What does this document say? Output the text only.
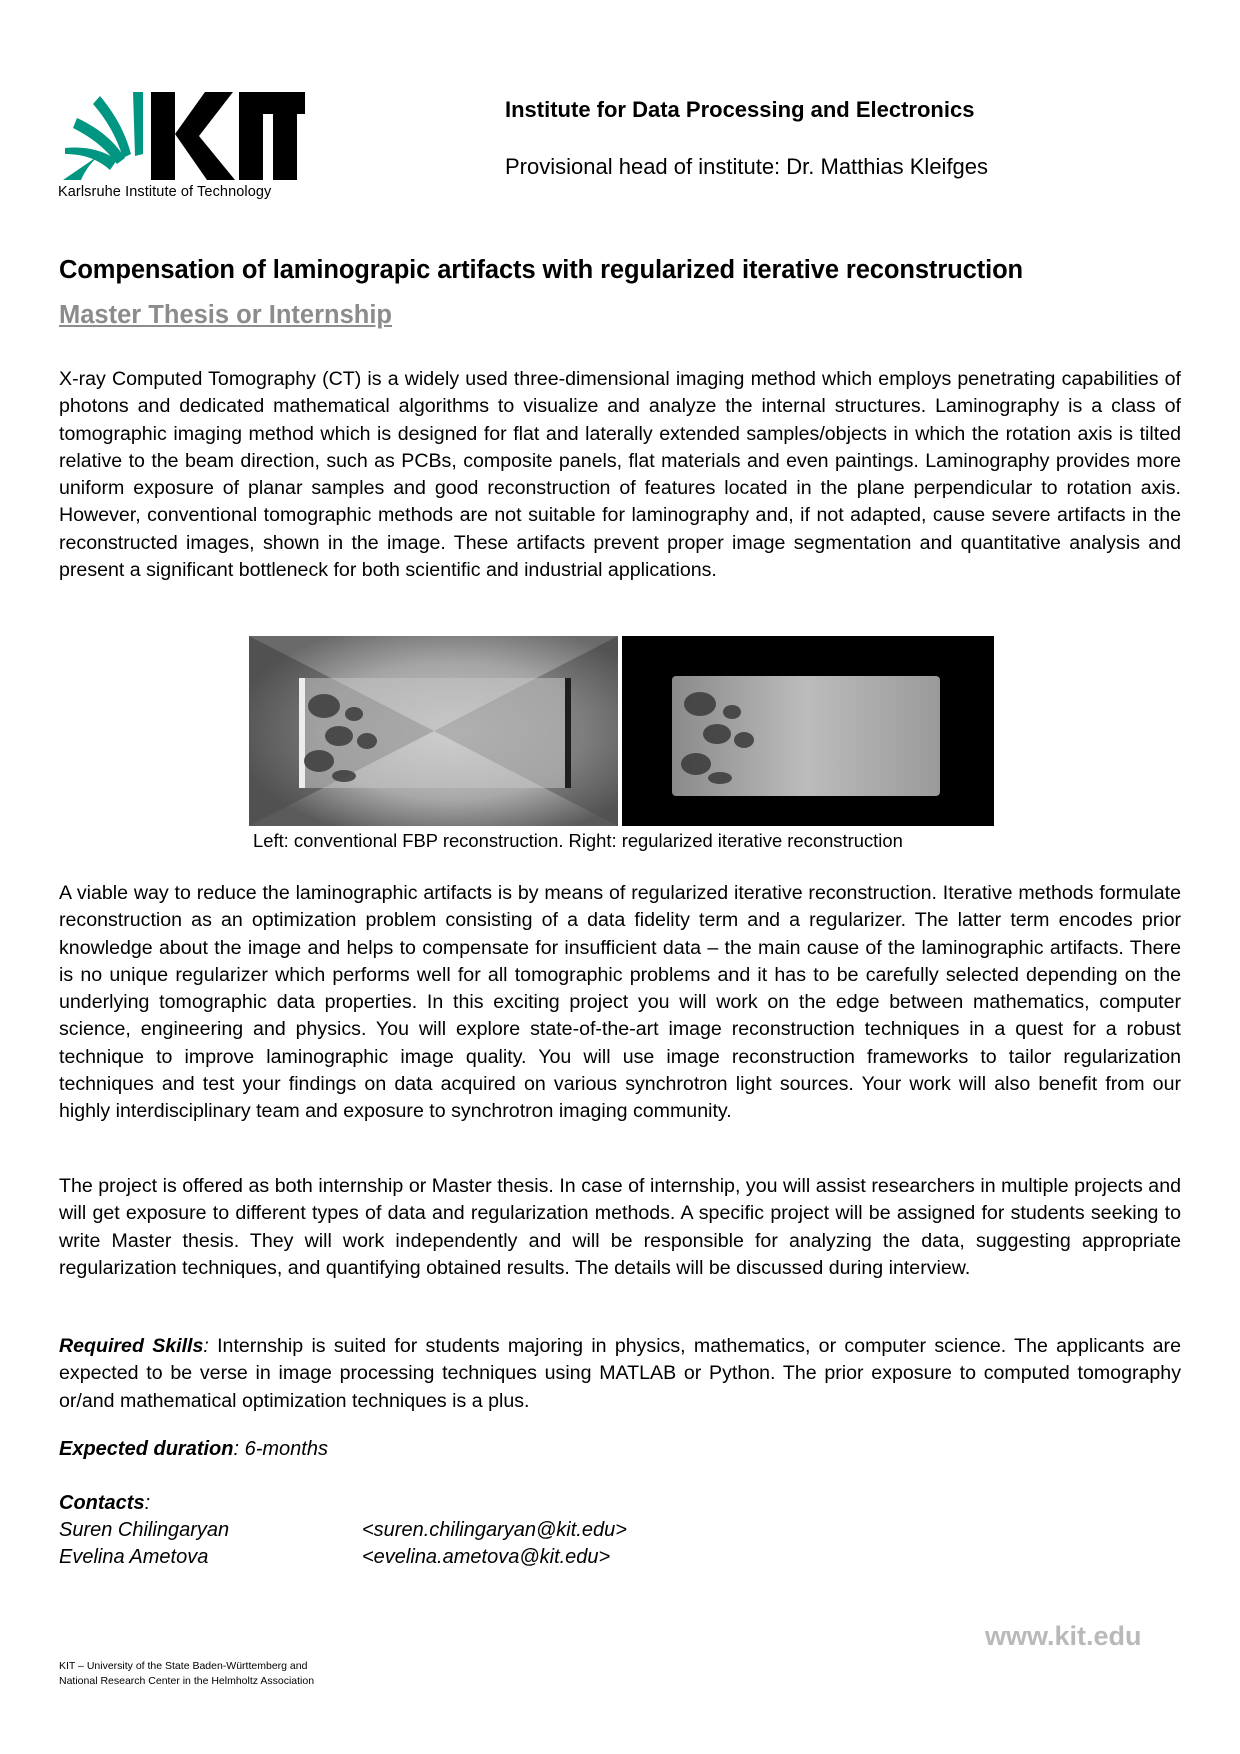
Karlsruhe Institute of Technology
Institute for Data Processing and Electronics
Provisional head of institute: Dr. Matthias Kleifges
Compensation of laminograpic artifacts with regularized iterative reconstruction
Master Thesis or Internship
X-ray Computed Tomography (CT) is a widely used three-dimensional imaging method which employs penetrating capabilities of photons and dedicated mathematical algorithms to visualize and analyze the internal structures. Laminography is a class of tomographic imaging method which is designed for flat and laterally extended samples/objects in which the rotation axis is tilted relative to the beam direction, such as PCBs, composite panels, flat materials and even paintings. Laminography provides more uniform exposure of planar samples and good reconstruction of features located in the plane perpendicular to rotation axis. However, conventional tomographic methods are not suitable for laminography and, if not adapted, cause severe artifacts in the reconstructed images, shown in the image. These artifacts prevent proper image segmentation and quantitative analysis and present a significant bottleneck for both scientific and industrial applications.
Left: conventional FBP reconstruction. Right: regularized iterative reconstruction
A viable way to reduce the laminographic artifacts is by means of regularized iterative reconstruction. Iterative methods formulate reconstruction as an optimization problem consisting of a data fidelity term and a regularizer. The latter term encodes prior knowledge about the image and helps to compensate for insufficient data – the main cause of the laminographic artifacts. There is no unique regularizer which performs well for all tomographic problems and it has to be carefully selected depending on the underlying tomographic data properties. In this exciting project you will work on the edge between mathematics, computer science, engineering and physics. You will explore state-of-the-art image reconstruction techniques in a quest for a robust technique to improve laminographic image quality. You will use image reconstruction frameworks to tailor regularization techniques and test your findings on data acquired on various synchrotron light sources. Your work will also benefit from our highly interdisciplinary team and exposure to synchrotron imaging community.
The project is offered as both internship or Master thesis. In case of internship, you will assist researchers in multiple projects and will get exposure to different types of data and regularization methods. A specific project will be assigned for students seeking to write Master thesis. They will work independently and will be responsible for analyzing the data, suggesting appropriate regularization techniques, and quantifying obtained results. The details will be discussed during interview.
Required Skills: Internship is suited for students majoring in physics, mathematics, or computer science. The applicants are expected to be verse in image processing techniques using MATLAB or Python. The prior exposure to computed tomography or/and mathematical optimization techniques is a plus.
Expected duration: 6-months
Contacts:
Suren Chilingaryan	<suren.chilingaryan@kit.edu>
Evelina Ametova	<evelina.ametova@kit.edu>
www.kit.edu
KIT – University of the State Baden-Württemberg and
National Research Center in the Helmholtz Association
